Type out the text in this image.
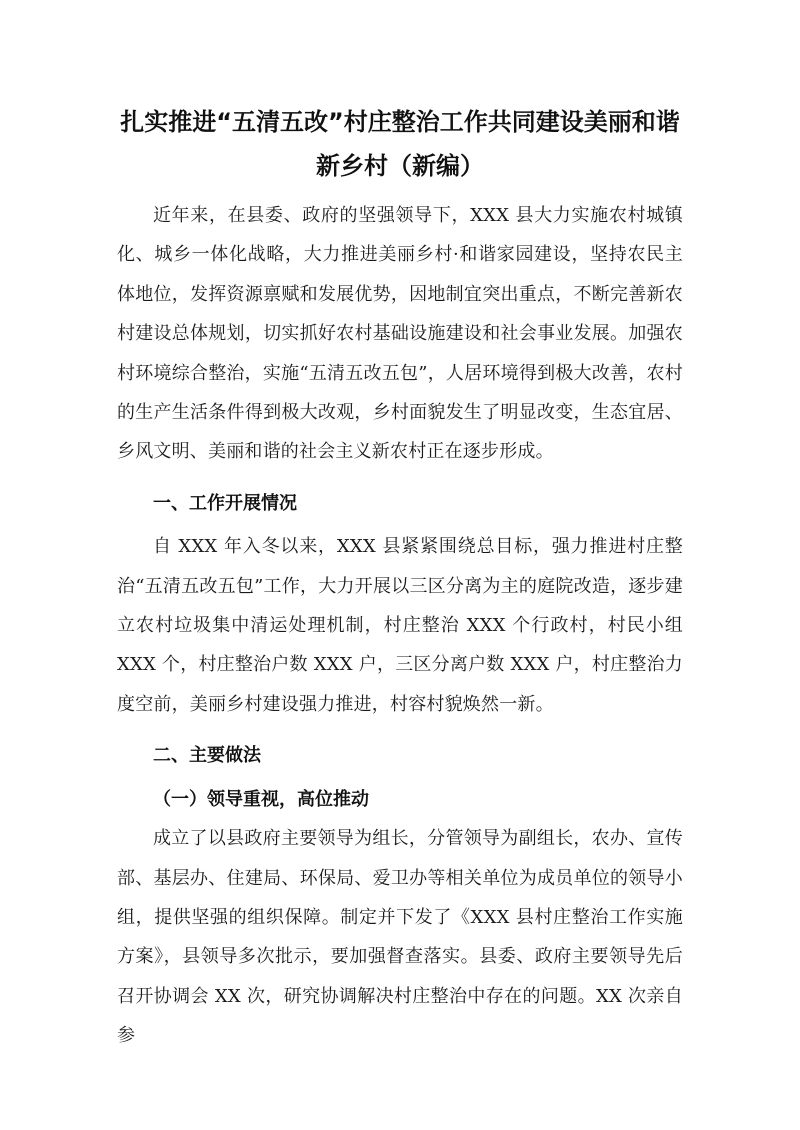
扎实推进“五清五改”村庄整治工作共同建设美丽和谐新乡村（新编）

近年来，在县委、政府的坚强领导下，XXX 县大力实施农村城镇化、城乡一体化战略，大力推进美丽乡村·和谐家园建设，坚持农民主体地位，发挥资源禀赋和发展优势，因地制宜突出重点，不断完善新农村建设总体规划，切实抓好农村基础设施建设和社会事业发展。加强农村环境综合整治，实施“五清五改五包”，人居环境得到极大改善，农村的生产生活条件得到极大改观，乡村面貌发生了明显改变，生态宜居、乡风文明、美丽和谐的社会主义新农村正在逐步形成。

一、工作开展情况

自 XXX 年入冬以来，XXX 县紧紧围绕总目标，强力推进村庄整治“五清五改五包”工作，大力开展以三区分离为主的庭院改造，逐步建立农村垃圾集中清运处理机制，村庄整治 XXX 个行政村，村民小组 XXX 个，村庄整治户数 XXX 户，三区分离户数 XXX 户，村庄整治力度空前，美丽乡村建设强力推进，村容村貌焕然一新。

二、主要做法
（一）领导重视，高位推动

成立了以县政府主要领导为组长，分管领导为副组长，农办、宣传部、基层办、住建局、环保局、爱卫办等相关单位为成员单位的领导小组，提供坚强的组织保障。制定并下发了《XXX 县村庄整治工作实施方案》，县领导多次批示，要加强督查落实。县委、政府主要领导先后召开协调会 XX 次，研究协调解决村庄整治中存在的问题。XX 次亲自参
